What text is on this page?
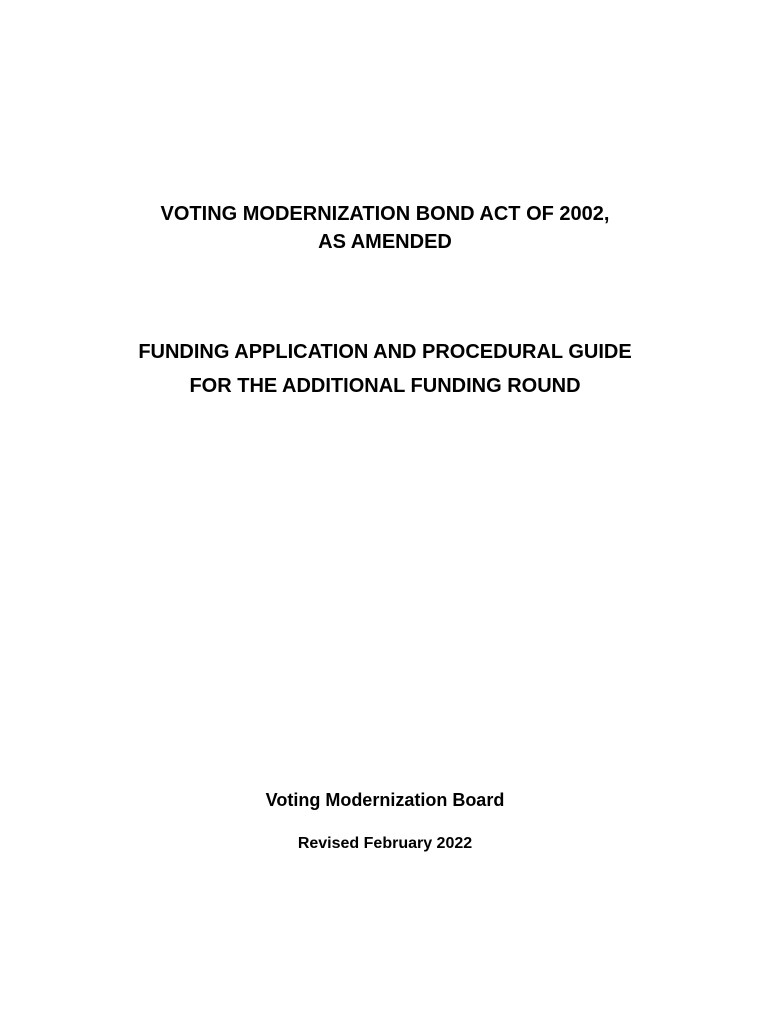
VOTING MODERNIZATION BOND ACT OF 2002,
AS AMENDED
FUNDING APPLICATION AND PROCEDURAL GUIDE
FOR THE ADDITIONAL FUNDING ROUND
Voting Modernization Board
Revised February 2022
